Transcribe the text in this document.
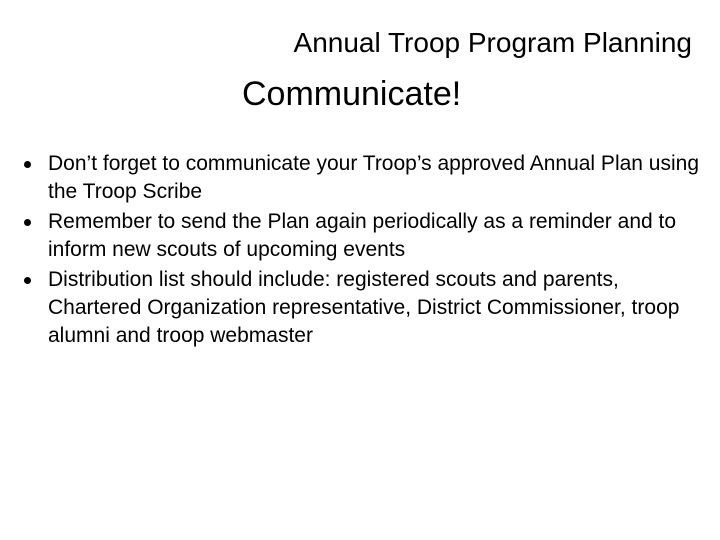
Annual Troop Program Planning
Communicate!
Don’t forget to communicate your Troop’s approved Annual Plan using the Troop Scribe
Remember to send the Plan again periodically as a reminder and to inform new scouts of upcoming events
Distribution list should include: registered scouts and parents, Chartered Organization representative, District Commissioner, troop alumni and troop webmaster
